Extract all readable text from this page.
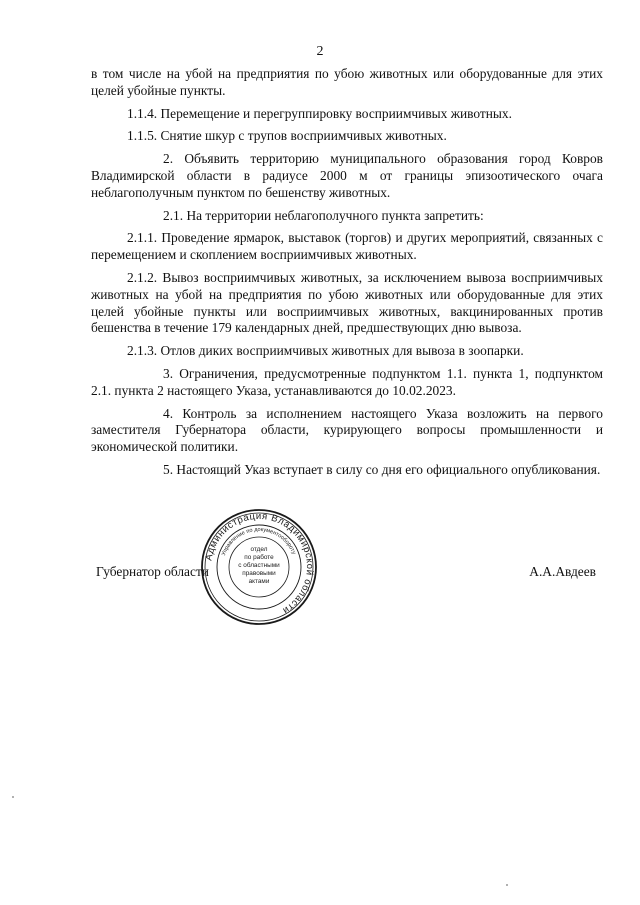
2

в том числе на убой на предприятия по убою животных или оборудованные для этих целей убойные пункты.

1.1.4. Перемещение и перегруппировку восприимчивых животных.

1.1.5. Снятие шкур с трупов восприимчивых животных.

2. Объявить территорию муниципального образования город Ковров Владимирской области в радиусе 2000 м от границы эпизоотического очага неблагополучным пунктом по бешенству животных.

2.1. На территории неблагополучного пункта запретить:

2.1.1. Проведение ярмарок, выставок (торгов) и других мероприятий, связанных с перемещением и скоплением восприимчивых животных.

2.1.2. Вывоз восприимчивых животных, за исключением вывоза восприимчивых животных на убой на предприятия по убою животных или оборудованные для этих целей убойные пункты или восприимчивых животных, вакцинированных против бешенства в течение 179 календарных дней, предшествующих дню вывоза.

2.1.3. Отлов диких восприимчивых животных для вывоза в зоопарки.

3. Ограничения, предусмотренные подпунктом 1.1. пункта 1, подпунктом 2.1. пункта 2 настоящего Указа, устанавливаются до 10.02.2023.

4. Контроль за исполнением настоящего Указа возложить на первого заместителя Губернатора области, курирующего вопросы промышленности и экономической политики.

5. Настоящий Указ вступает в силу со дня его официального опубликования.

Губернатор области	А.А.Авдеев
Администрация Владимирской области
Управление по документообороту
отдел
по работе
с областными
правовыми
актами
